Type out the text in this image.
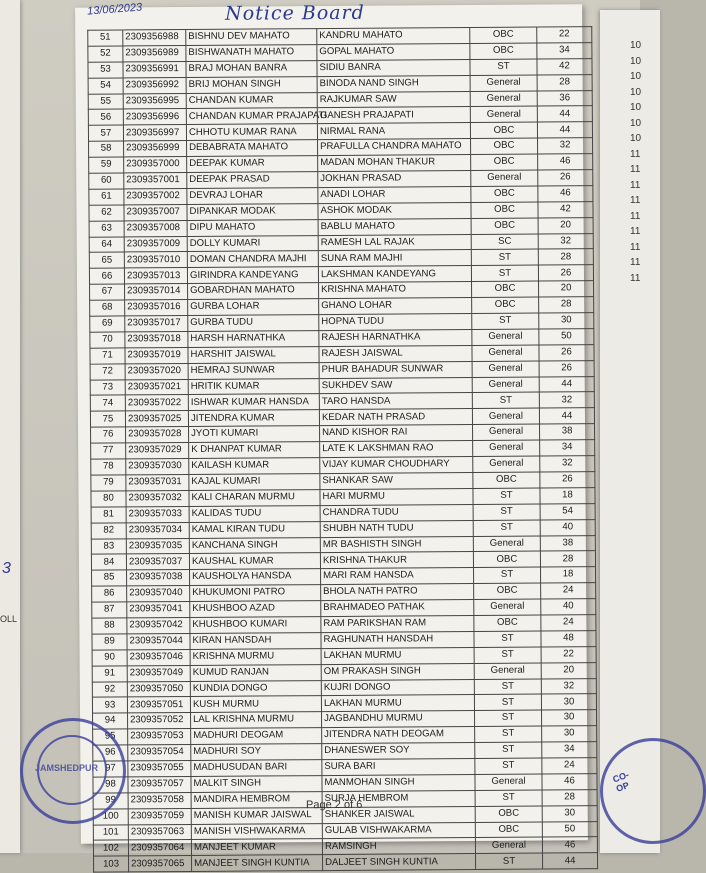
3
OLL
10
10
10
10
10
10
10
11
11
11
11
11
11
11
11
11
13/06/2023	Notice Board
51	2309356988	BISHNU DEV MAHATO	KANDRU MAHATO	OBC	22
52	2309356989	BISHWANATH MAHATO	GOPAL MAHATO	OBC	34
53	2309356991	BRAJ MOHAN BANRA	SIDIU BANRA	ST	42
54	2309356992	BRIJ MOHAN SINGH	BINODA NAND SINGH	General	28
55	2309356995	CHANDAN KUMAR	RAJKUMAR SAW	General	36
56	2309356996	CHANDAN KUMAR PRAJAPATI	GANESH PRAJAPATI	General	44
57	2309356997	CHHOTU KUMAR RANA	NIRMAL RANA	OBC	44
58	2309356999	DEBABRATA MAHATO	PRAFULLA CHANDRA MAHATO	OBC	32
59	2309357000	DEEPAK KUMAR	MADAN MOHAN THAKUR	OBC	46
60	2309357001	DEEPAK PRASAD	JOKHAN PRASAD	General	26
61	2309357002	DEVRAJ LOHAR	ANADI LOHAR	OBC	46
62	2309357007	DIPANKAR MODAK	ASHOK MODAK	OBC	42
63	2309357008	DIPU MAHATO	BABLU MAHATO	OBC	20
64	2309357009	DOLLY KUMARI	RAMESH LAL RAJAK	SC	32
65	2309357010	DOMAN CHANDRA MAJHI	SUNA RAM MAJHI	ST	28
66	2309357013	GIRINDRA KANDEYANG	LAKSHMAN KANDEYANG	ST	26
67	2309357014	GOBARDHAN MAHATO	KRISHNA MAHATO	OBC	20
68	2309357016	GURBA LOHAR	GHANO LOHAR	OBC	28
69	2309357017	GURBA TUDU	HOPNA TUDU	ST	30
70	2309357018	HARSH HARNATHKA	RAJESH HARNATHKA	General	50
71	2309357019	HARSHIT JAISWAL	RAJESH JAISWAL	General	26
72	2309357020	HEMRAJ SUNWAR	PHUR BAHADUR SUNWAR	General	26
73	2309357021	HRITIK KUMAR	SUKHDEV SAW	General	44
74	2309357022	ISHWAR KUMAR HANSDA	TARO HANSDA	ST	32
75	2309357025	JITENDRA KUMAR	KEDAR NATH PRASAD	General	44
76	2309357028	JYOTI KUMARI	NAND KISHOR RAI	General	38
77	2309357029	K DHANPAT KUMAR	LATE K LAKSHMAN RAO	General	34
78	2309357030	KAILASH KUMAR	VIJAY KUMAR CHOUDHARY	General	32
79	2309357031	KAJAL KUMARI	SHANKAR SAW	OBC	26
80	2309357032	KALI CHARAN MURMU	HARI MURMU	ST	18
81	2309357033	KALIDAS TUDU	CHANDRA TUDU	ST	54
82	2309357034	KAMAL KIRAN TUDU	SHUBH NATH TUDU	ST	40
83	2309357035	KANCHANA SINGH	MR BASHISTH SINGH	General	38
84	2309357037	KAUSHAL KUMAR	KRISHNA THAKUR	OBC	28
85	2309357038	KAUSHOLYA HANSDA	MARI RAM HANSDA	ST	18
86	2309357040	KHUKUMONI PATRO	BHOLA NATH PATRO	OBC	24
87	2309357041	KHUSHBOO AZAD	BRAHMADEO PATHAK	General	40
88	2309357042	KHUSHBOO KUMARI	RAM PARIKSHAN RAM	OBC	24
89	2309357044	KIRAN HANSDAH	RAGHUNATH HANSDAH	ST	48
90	2309357046	KRISHNA MURMU	LAKHAN MURMU	ST	22
91	2309357049	KUMUD RANJAN	OM PRAKASH SINGH	General	20
92	2309357050	KUNDIA DONGO	KUJRI DONGO	ST	32
93	2309357051	KUSH MURMU	LAKHAN MURMU	ST	30
94	2309357052	LAL KRISHNA MURMU	JAGBANDHU MURMU	ST	30
95	2309357053	MADHURI DEOGAM	JITENDRA NATH DEOGAM	ST	30
96	2309357054	MADHURI SOY	DHANESWER SOY	ST	34
97	2309357055	MADHUSUDAN BARI	SURA BARI	ST	24
98	2309357057	MALKIT SINGH	MANMOHAN SINGH	General	46
99	2309357058	MANDIRA HEMBROM	SURJA HEMBROM	ST	28
100	2309357059	MANISH KUMAR JAISWAL	SHANKER JAISWAL	OBC	30
101	2309357063	MANISH VISHWAKARMA	GULAB VISHWAKARMA	OBC	50
102	2309357064	MANJEET KUMAR	RAMSINGH	General	46
103	2309357065	MANJEET SINGH KUNTIA	DALJEET SINGH KUNTIA	ST	44
Page 2 of 6
JAMSHEDPUR
CO-OP
